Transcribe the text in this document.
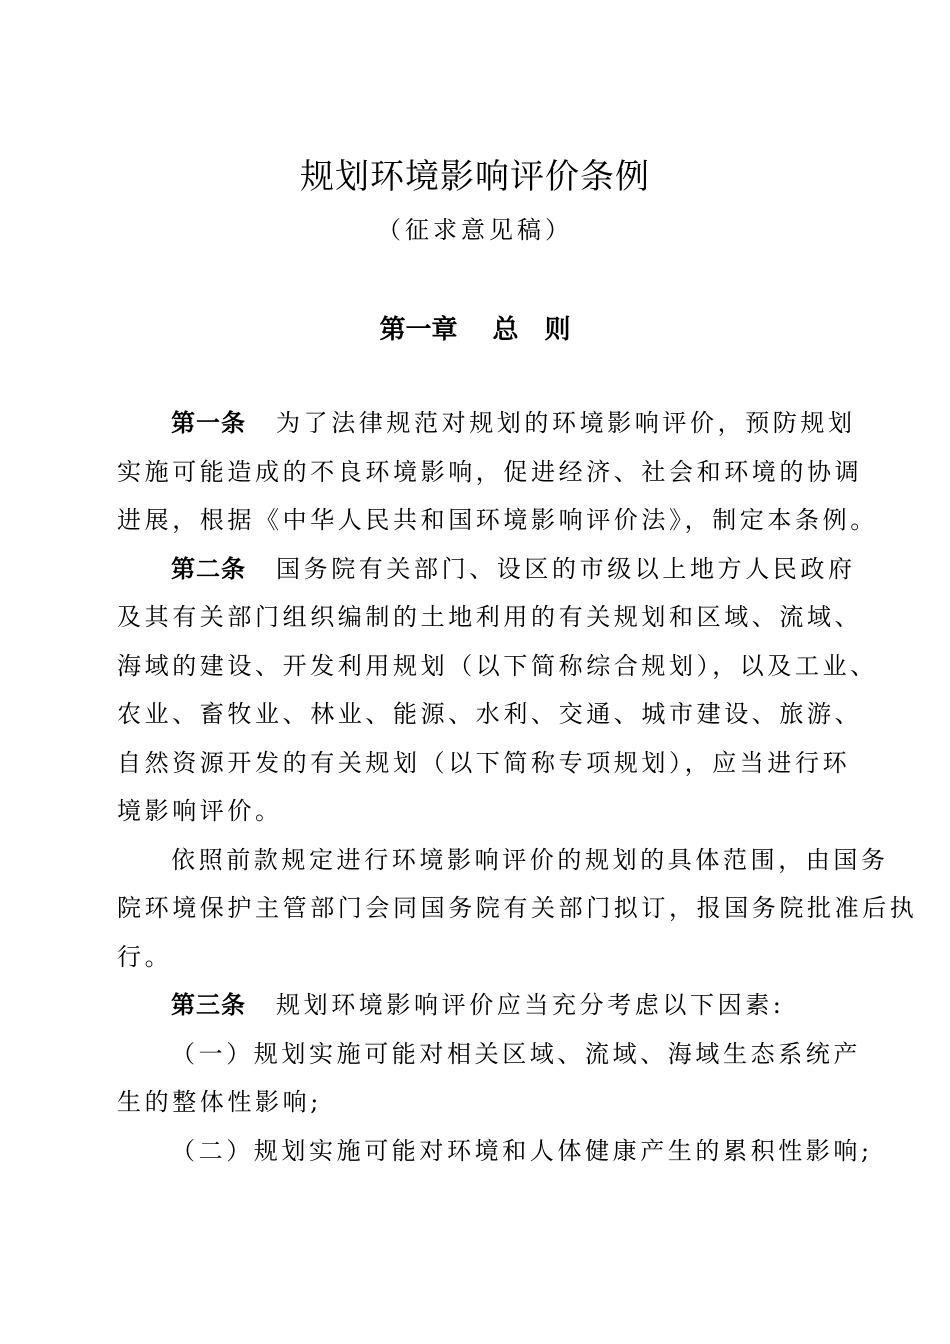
规划环境影响评价条例
（征求意见稿）
第一章　 总　则
第一条 为了法律规范对规划的环境影响评价，预防规划
实施可能造成的不良环境影响，促进经济、社会和环境的协调
进展，根据《中华人民共和国环境影响评价法》，制定本条例。
第二条 国务院有关部门、设区的市级以上地方人民政府
及其有关部门组织编制的土地利用的有关规划和区域、流域、
海域的建设、开发利用规划（以下简称综合规划），以及工业、
农业、畜牧业、林业、能源、水利、交通、城市建设、旅游、
自然资源开发的有关规划（以下简称专项规划），应当进行环
境影响评价。
依照前款规定进行环境影响评价的规划的具体范围，由国务
院环境保护主管部门会同国务院有关部门拟订，报国务院批准后执
行。
第三条 规划环境影响评价应当充分考虑以下因素:
（一）规划实施可能对相关区域、流域、海域生态系统产
生的整体性影响;
（二）规划实施可能对环境和人体健康产生的累积性影响;
